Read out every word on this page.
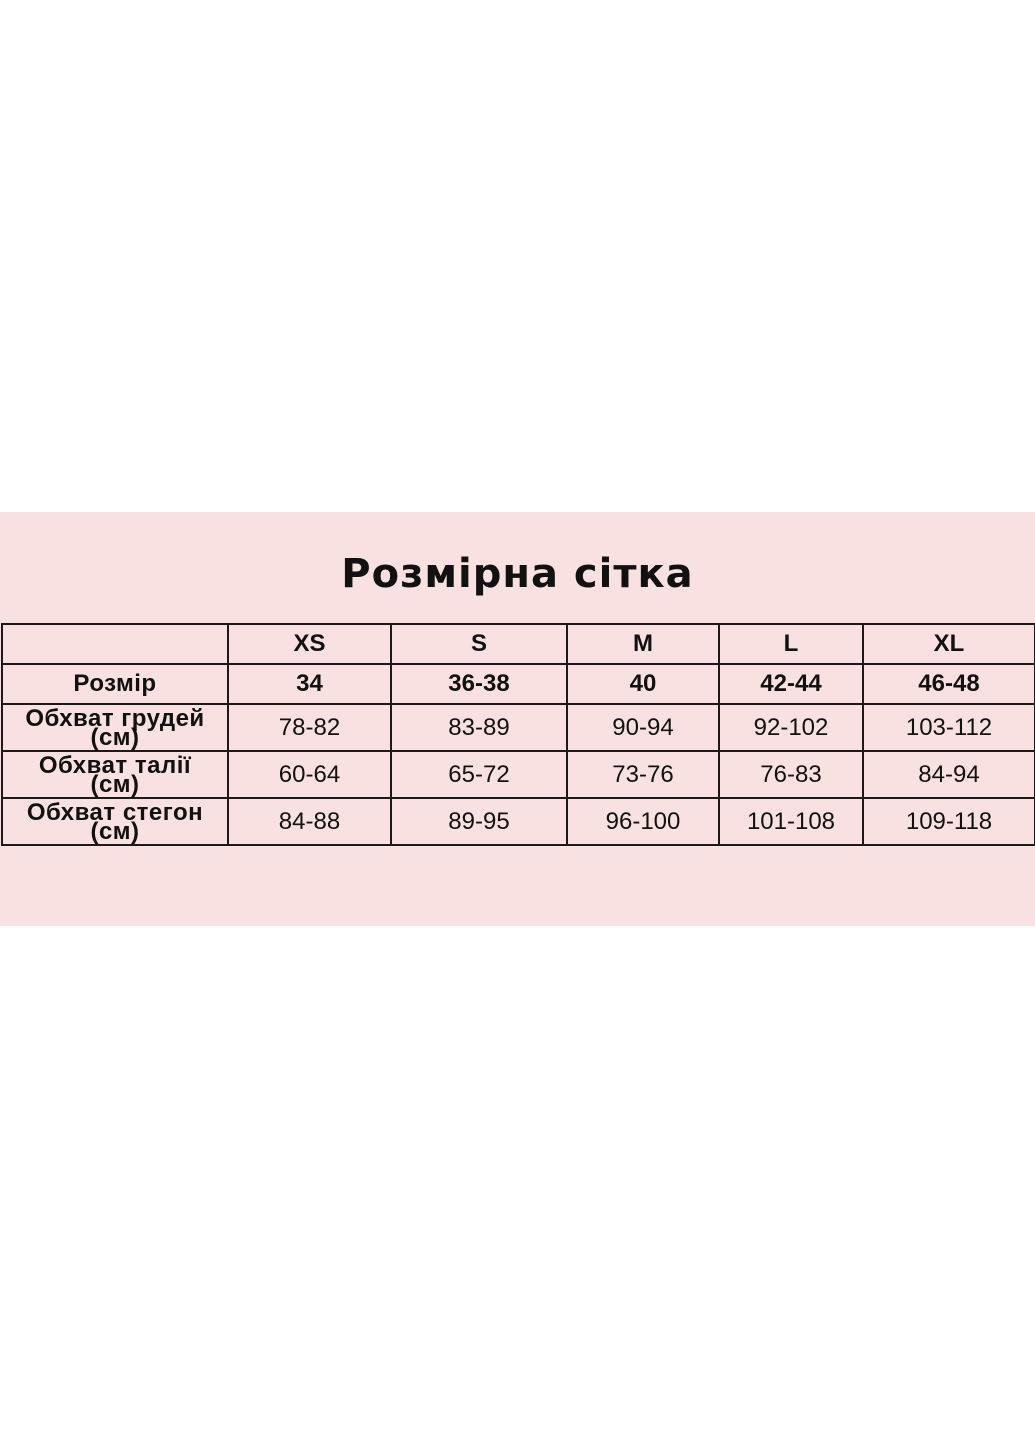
Розмірна сітка
	XS	S	M	L	XL
Розмір	34	36-38	40	42-44	46-48
Обхват грудей
(см)	78-82	83-89	90-94	92-102	103-112
Обхват талії
(см)	60-64	65-72	73-76	76-83	84-94
Обхват стегон
(см)	84-88	89-95	96-100	101-108	109-118
